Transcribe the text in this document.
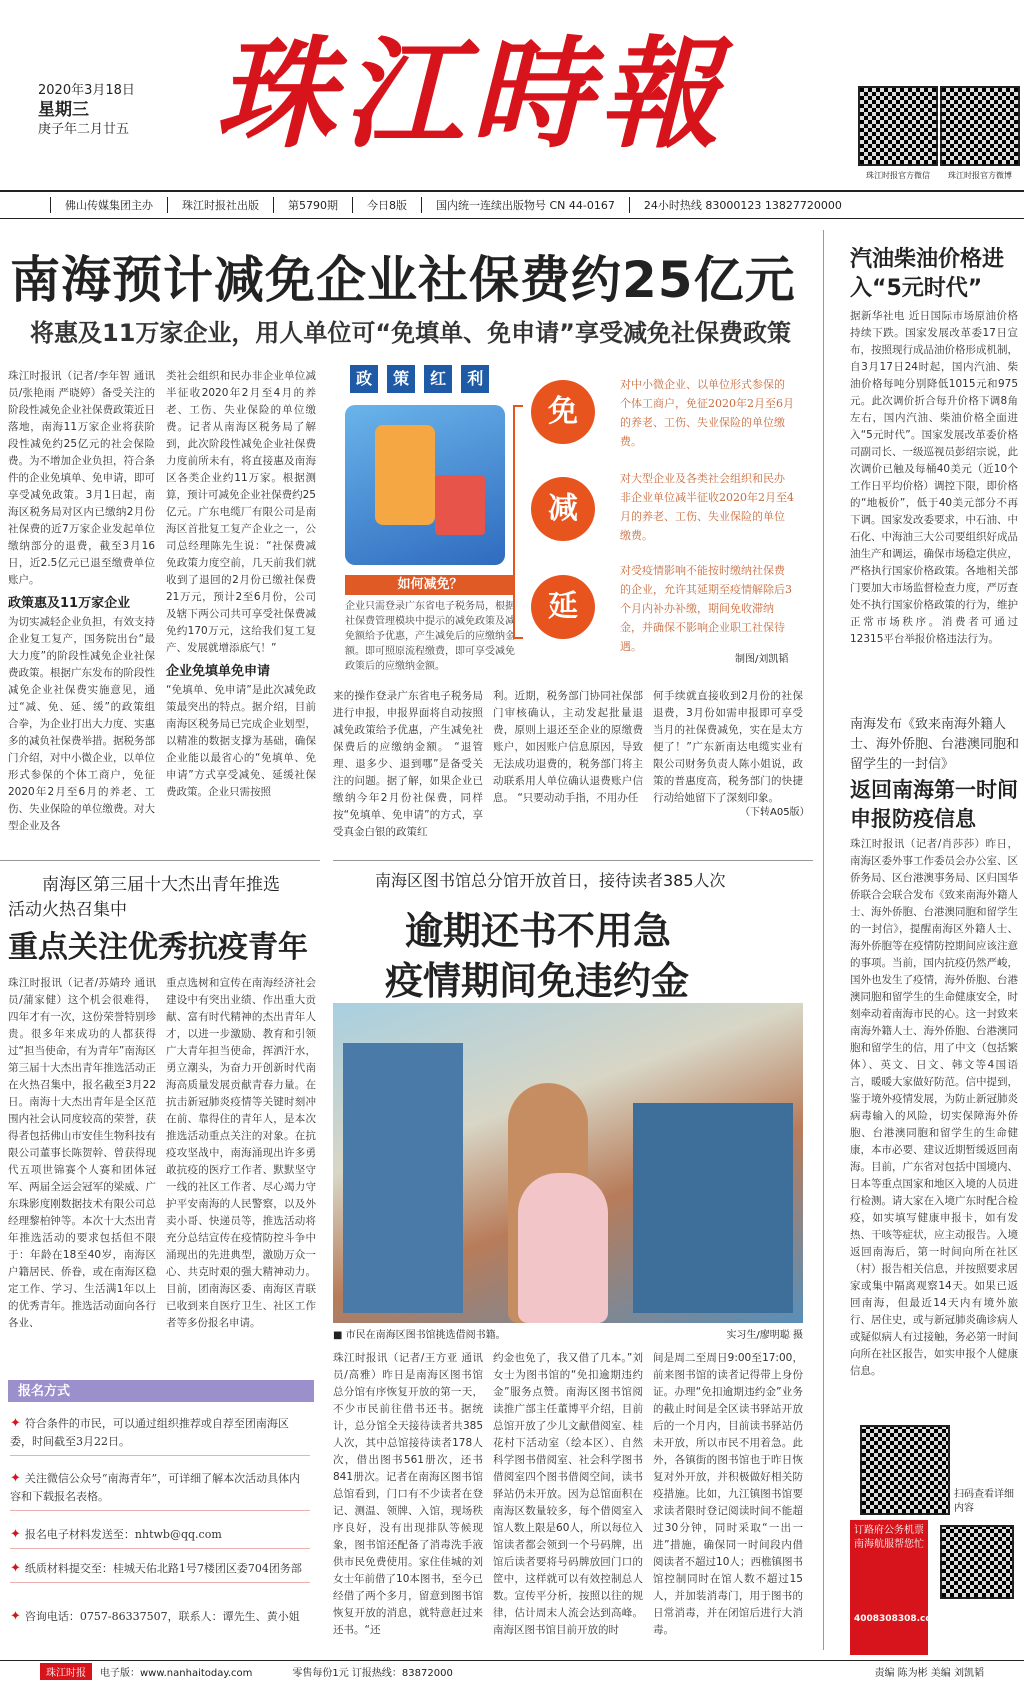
2020年3月18日
星期三
庚子年二月廿五 珠江時報
珠江时报官方微信	珠江时报官方微博
佛山传媒集团主办	珠江时报社出版	第5790期	今日8版	国内统一连续出版物号 CN 44-0167	24小时热线 83000123 13827720000
南海预计减免企业社保费约25亿元
将惠及11万家企业，用人单位可“免填单、免申请”享受减免社保费政策
珠江时报讯（记者/李年智 通讯员/张艳雨 严晓婷）备受关注的阶段性减免企业社保费政策近日落地，南海11万家企业将获阶段性减免约25亿元的社会保险费。为不增加企业负担，符合条件的企业免填单、免申请，即可享受减免政策。3月1日起，南海区税务局对区内已缴纳2月份社保费的近7万家企业发起单位缴纳部分的退费，截至3月16日，近2.5亿元已退至缴费单位账户。
政策惠及11万家企业
为切实减轻企业负担，有效支持企业复工复产，国务院出台“最大力度”的阶段性减免企业社保费政策。根据广东发布的阶段性减免企业社保费实施意见，通过“减、免、延、缓”的政策组合拳，为企业打出大力度、实惠多的减负社保费举措。据税务部门介绍，对中小微企业，以单位形式参保的个体工商户，免征2020年2月至6月的养老、工伤、失业保险的单位缴费。对大型企业及各
类社会组织和民办非企业单位减半征收2020年2月至4月的养老、工伤、失业保险的单位缴费。记者从南海区税务局了解到，此次阶段性减免企业社保费力度前所未有，将直接惠及南海区各类企业约11万家。根据测算，预计可减免企业社保费约25亿元。广东电缆厂有限公司是南海区首批复工复产企业之一，公司总经理陈先生说：“社保费减免政策力度空前，几天前我们就收到了退回的2月份已缴社保费21万元，预计2至6月份，公司及辖下两公司共可享受社保费减免约170万元，这给我们复工复产、发展就增添底气！”
企业免填单免申请
“免填单、免申请”是此次减免政策最突出的特点。据介绍，目前南海区税务局已完成企业划型，以精准的数据支撑为基础，确保企业能以最省心的“免填单、免申请”方式享受减免、延缓社保费政策。企业只需按照
政 策 红 利
如何减免？
企业只需登录广东省电子税务局，根据社保费管理模块中提示的减免政策及减免额给予优惠，产生减免后的应缴纳金额。即可照原流程缴费，即可享受减免政策后的应缴纳金额。
免
对中小微企业、以单位形式参保的个体工商户，免征2020年2月至6月的养老、工伤、失业保险的单位缴费。
减
对大型企业及各类社会组织和民办非企业单位减半征收2020年2月至4月的养老、工伤、失业保险的单位缴费。
延
对受疫情影响不能按时缴纳社保费的企业，允许其延期至疫情解除后3个月内补办补缴，期间免收滞纳金，并确保不影响企业职工社保待遇。
制图/刘凯韬
来的操作登录广东省电子税务局进行申报，申报界面将自动按照减免政策给予优惠，产生减免社保费后的应缴纳金额。 “退管理、退多少、退到哪”是备受关注的问题。据了解，如果企业已缴纳今年2月份社保费，同样按“免填单、免申请”的方式，享受真金白银的政策红
利。近期，税务部门协同社保部门审核确认，主动发起批量退费，原则上退还至企业的原缴费账户，如因账户信息原因，导致无法成功退费的，税务部门将主动联系用人单位确认退费账户信息。 “只要动动手指，不用办任
何手续就直接收到2月份的社保退费，3月份如需申报即可享受当月的社保费减免，实在是太方便了！”广东新南达电缆实业有限公司财务负责人陈小姐说，政策的普惠度高，税务部门的快捷行动给她留下了深刻印象。
（下转A05版）
汽油柴油价格进入“5元时代”
据新华社电 近日国际市场原油价格持续下跌。国家发展改革委17日宣布，按照现行成品油价格形成机制，自3月17日24时起，国内汽油、柴油价格每吨分别降低1015元和975元。此次调价折合每升价格下调8角左右，国内汽油、柴油价格全面进入“5元时代”。国家发展改革委价格司副司长、一级巡视员彭绍宗说，此次调价已触及每桶40美元（近10个工作日平均价格）调控下限，即价格的“地板价”，低于40美元部分不再下调。国家发改委要求，中石油、中石化、中海油三大公司要组织好成品油生产和调运，确保市场稳定供应，严格执行国家价格政策。各地相关部门要加大市场监督检查力度，严厉查处不执行国家价格政策的行为，维护正常市场秩序。消费者可通过12315平台举报价格违法行为。
南海发布《致来南海外籍人士、海外侨胞、台港澳同胞和留学生的一封信》
返回南海第一时间申报防疫信息
珠江时报讯（记者/肖莎莎）昨日，南海区委外事工作委员会办公室、区侨务局、区台港澳事务局、区归国华侨联合会联合发布《致来南海外籍人士、海外侨胞、台港澳同胞和留学生的一封信》，提醒南海区外籍人士、海外侨胞等在疫情防控期间应该注意的事项。当前，国内抗疫仍然严峻，国外也发生了疫情，海外侨胞、台港澳同胞和留学生的生命健康安全，时刻牵动着南海市民的心。这一封致来南海外籍人士、海外侨胞、台港澳同胞和留学生的信，用了中文（包括繁体）、英文、日文、韩文等4国语言，暖暖大家做好防范。信中提到，鉴于境外疫情发展，为防止新冠肺炎病毒输入的风险，切实保障海外侨胞、台港澳同胞和留学生的生命健康，本市必要、建议近期暂缓返回南海。目前，广东省对包括中国境内、日本等重点国家和地区入境的人员进行检测。请大家在入境广东时配合检疫，如实填写健康申报卡，如有发热、干咳等症状，应主动报告。入境返回南海后，第一时间向所在社区（村）报告相关信息，并按照要求居家或集中隔离观察14天。如果已返回南海，但最近14天内有境外旅行、居住史，或与新冠肺炎确诊病人或疑似病人有过接触，务必第一时间向所在社区报告，如实申报个人健康信息。
扫码查看详细内容
订路府公务机票
南海航服帮您忙
4008308308.com
南海区第三届十大杰出青年推选
活动火热召集中
重点关注优秀抗疫青年
珠江时报讯（记者/苏婧玲 通讯员/蒲家健）这个机会很难得，四年才有一次，这份荣誉特别珍贵。很多年来成功的人都获得过“担当使命，有为青年”南海区第三届十大杰出青年推选活动正在火热召集中，报名截至3月22日。南海十大杰出青年是全区范围内社会认同度较高的荣誉，获得者包括佛山市安佳生物科技有限公司董事长陈贺幹、曾获得现代五项世锦赛个人赛和团体冠军、两届全运会冠军的梁威、广东珠影度刚数据技术有限公司总经理黎柏钟等。本次十大杰出青年推选活动的要求包括但不限于：年龄在18至40岁，南海区户籍居民、侨眷，或在南海区稳定工作、学习、生活满1年以上的优秀青年。推选活动面向各行各业、
重点选树和宣传在南海经济社会建设中有突出业绩、作出重大贡献、富有时代精神的杰出青年人才，以进一步激励、教育和引领广大青年担当使命，挥洒汗水，勇立潮头，为奋力开创新时代南海高质量发展贡献青春力量。在抗击新冠肺炎疫情等关键时刻冲在前、靠得住的青年人，是本次推选活动重点关注的对象。在抗疫攻坚战中，南海涌现出许多勇敢抗疫的医疗工作者、默默坚守一线的社区工作者、尽心竭力守护平安南海的人民警察，以及外卖小哥、快递员等，推选活动将充分总结宣传在疫情防控斗争中涌现出的先进典型，激励万众一心、共克时艰的强大精神动力。目前，团南海区委、南海区青联已收到来自医疗卫生、社区工作者等多份报名申请。
报名方式
✦ 符合条件的市民，可以通过组织推荐或自荐至团南海区委，时间截至3月22日。
✦ 关注微信公众号“南海青年”，可详细了解本次活动具体内容和下载报名表格。
✦ 报名电子材料发送至：nhtwb@qq.com
✦ 纸质材料提交至：桂城天佑北路1号7楼团区委704团务部
✦ 咨询电话：0757-86337507，联系人：谭先生、黄小姐
南海区图书馆总分馆开放首日，接待读者385人次
逾期还书不用急
疫情期间免违约金
■ 市民在南海区图书馆挑选借阅书籍。	实习生/廖明聪 摄
珠江时报讯（记者/王方亚 通讯员/高雅）昨日是南海区图书馆总分馆有序恢复开放的第一天，不少市民前往借书还书。据统计，总分馆全天接待读者共385人次，其中总馆接待读者178人次，借出图书561册次，还书841册次。记者在南海区图书馆总馆看到，门口有不少读者在登记、测温、领牌、入馆，现场秩序良好，没有出现排队等候现象，图书馆还配备了消毒洗手液供市民免费使用。家住佳城的刘女士年前借了10本图书，至今已经借了两个多月，留意到图书馆恢复开放的消息，就特意赶过来还书。“还
约金也免了，我又借了几本。”刘女士为图书馆的“免扣逾期违约金”服务点赞。南海区图书馆阅读推广部主任董博平介绍，目前总馆开放了少儿文献借阅室、桂花村下活动室（绘本区）、自然科学图书借阅室、社会科学图书借阅室四个图书借阅空间，读书驿站仍未开放。因为总馆面积在南海区数量较多，每个借阅室入馆人数上限是60人，所以每位入馆读者都会领到一个号码牌，出馆后读者要将号码牌放回门口的筐中，这样就可以有效控制总人数。宣传平分析，按照以往的规律，估计周末人流会达到高峰。南海区图书馆目前开放的时
间是周二至周日9:00至17:00，前来图书馆的读者记得带上身份证。办理“免扣逾期违约金”业务的截止时间是全区读书驿站开放后的一个月内，目前读书驿站仍未开放，所以市民不用着急。此外，各镇街的图书馆也于昨日恢复对外开放，并积极做好相关防疫措施。比如，九江镇图书馆要求读者限时登记阅读时间不能超过30分钟，同时采取“一出一进”措施，确保同一时间段内借阅读者不超过10人；西樵镇图书馆控制同时在馆人数不超过15人，并加装消毒门，用于图书的日常消毒，并在闭馆后进行大消毒。
珠江时报	电子版：www.nanhaitoday.com	零售每份1元 订报热线：83872000	责编 陈为彬 美编 刘凯韬
